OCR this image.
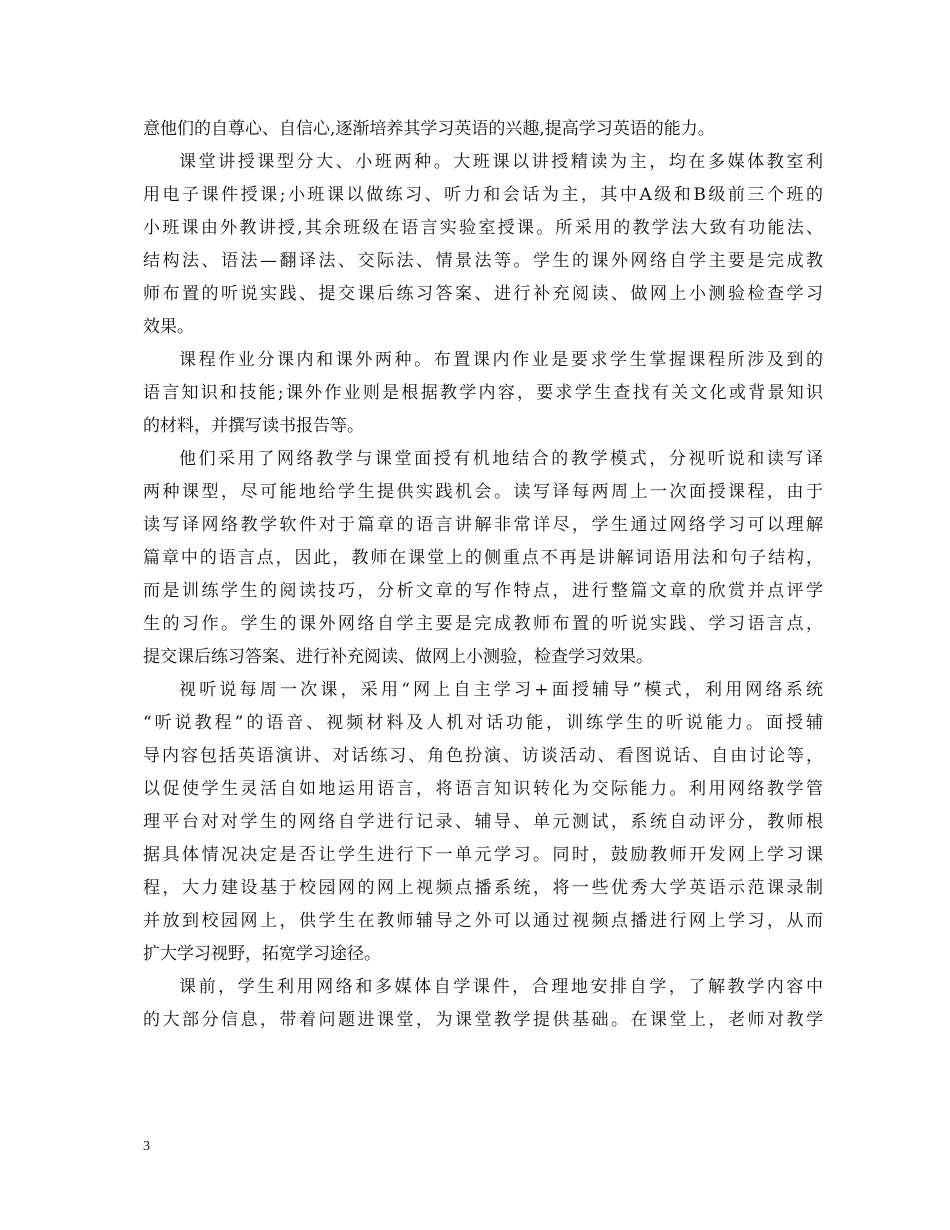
意他们的自尊心、自信心,逐渐培养其学习英语的兴趣,提高学习英语的能力。
课堂讲授课型分大、小班两种。大班课以讲授精读为主，均在多媒体教室利
用电子课件授课;小班课以做练习、听力和会话为主，其中A级和B级前三个班的
小班课由外教讲授,其余班级在语言实验室授课。所采用的教学法大致有功能法、
结构法、语法—翻译法、交际法、情景法等。学生的课外网络自学主要是完成教
师布置的听说实践、提交课后练习答案、进行补充阅读、做网上小测验检查学习
效果。
课程作业分课内和课外两种。布置课内作业是要求学生掌握课程所涉及到的
语言知识和技能;课外作业则是根据教学内容，要求学生查找有关文化或背景知识
的材料，并撰写读书报告等。
他们采用了网络教学与课堂面授有机地结合的教学模式，分视听说和读写译
两种课型，尽可能地给学生提供实践机会。读写译每两周上一次面授课程，由于
读写译网络教学软件对于篇章的语言讲解非常详尽，学生通过网络学习可以理解
篇章中的语言点，因此，教师在课堂上的侧重点不再是讲解词语用法和句子结构，
而是训练学生的阅读技巧，分析文章的写作特点，进行整篇文章的欣赏并点评学
生的习作。学生的课外网络自学主要是完成教师布置的听说实践、学习语言点，
提交课后练习答案、进行补充阅读、做网上小测验，检查学习效果。
视听说每周一次课，采用“网上自主学习+面授辅导”模式，利用网络系统
“听说教程”的语音、视频材料及人机对话功能，训练学生的听说能力。面授辅
导内容包括英语演讲、对话练习、角色扮演、访谈活动、看图说话、自由讨论等，
以促使学生灵活自如地运用语言，将语言知识转化为交际能力。利用网络教学管
理平台对对学生的网络自学进行记录、辅导、单元测试，系统自动评分，教师根
据具体情况决定是否让学生进行下一单元学习。同时，鼓励教师开发网上学习课
程，大力建设基于校园网的网上视频点播系统，将一些优秀大学英语示范课录制
并放到校园网上，供学生在教师辅导之外可以通过视频点播进行网上学习，从而
扩大学习视野，拓宽学习途径。
课前，学生利用网络和多媒体自学课件，合理地安排自学，了解教学内容中
的大部分信息，带着问题进课堂，为课堂教学提供基础。在课堂上，老师对教学
3
